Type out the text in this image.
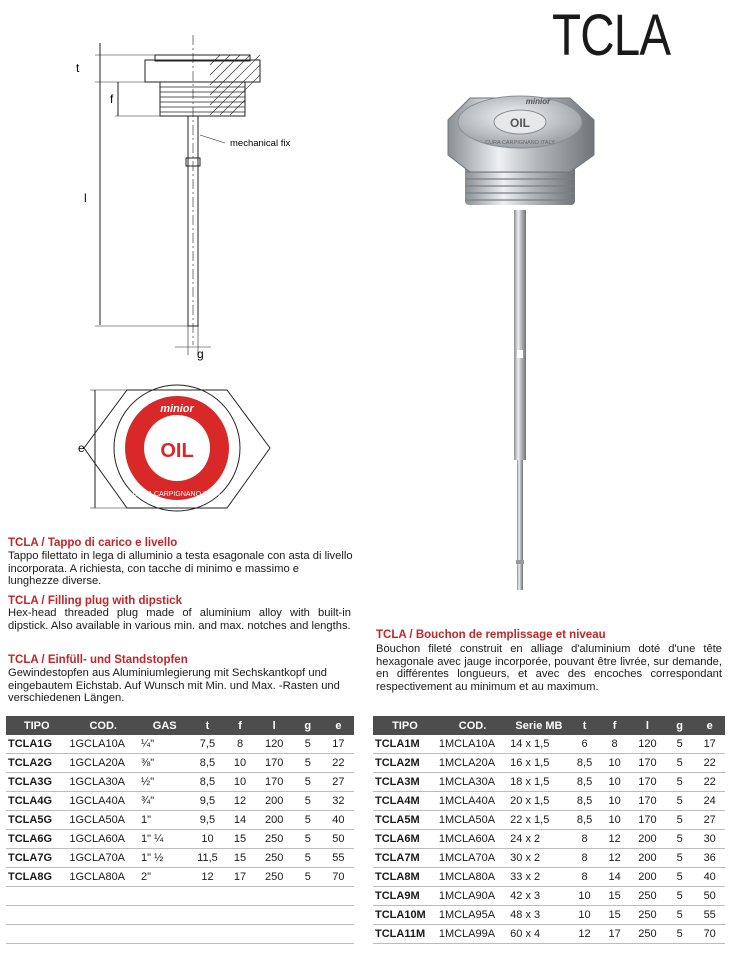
TCLA
t
f
l
g
mechanical fix
OIL
minior
CURA CARPIGNANO ITALY
e
OIL
minior
CURA CARPIGNANO ITALY
TCLA / Tappo di carico e livello
Tappo filettato in lega di alluminio a testa esagonale con asta di livello incorporata. A richiesta, con tacche di minimo e massimo e lunghezze diverse.
TCLA / Filling plug with dipstick
Hex-head threaded plug made of aluminium alloy with built-in dipstick. Also available in various min. and max. notches and lengths.
TCLA / Einfüll- und Standstopfen
Gewindestopfen aus Aluminiumlegierung mit Sechskantkopf und eingebautem Eichstab. Auf Wunsch mit Min. und Max. -Rasten und verschiedenen Längen.
TCLA / Bouchon de remplissage et niveau
Bouchon fileté construit en alliage d'aluminium doté d'une tête hexagonale avec jauge incorporée, pouvant être livrée, sur demande, en différentes longueurs, et avec des encoches correspondant respectivement au minimum et au maximum.
TIPO	COD.	GAS	t	f	l	g	e
TCLA1G	1GCLA10A	¼"	7,5	8	120	5	17
TCLA2G	1GCLA20A	⅜"	8,5	10	170	5	22
TCLA3G	1GCLA30A	½"	8,5	10	170	5	27
TCLA4G	1GCLA40A	¾"	9,5	12	200	5	32
TCLA5G	1GCLA50A	1"	9,5	14	200	5	40
TCLA6G	1GCLA60A	1" ¼	10	15	250	5	50
TCLA7G	1GCLA70A	1" ½	11,5	15	250	5	55
TCLA8G	1GCLA80A	2"	12	17	250	5	70

TIPO	COD.	Serie MB	t	f	l	g	e
TCLA1M	1MCLA10A	14 x 1,5	6	8	120	5	17
TCLA2M	1MCLA20A	16 x 1,5	8,5	10	170	5	22
TCLA3M	1MCLA30A	18 x 1,5	8,5	10	170	5	22
TCLA4M	1MCLA40A	20 x 1,5	8,5	10	170	5	24
TCLA5M	1MCLA50A	22 x 1,5	8,5	10	170	5	27
TCLA6M	1MCLA60A	24 x 2	8	12	200	5	30
TCLA7M	1MCLA70A	30 x 2	8	12	200	5	36
TCLA8M	1MCLA80A	33 x 2	8	14	200	5	40
TCLA9M	1MCLA90A	42 x 3	10	15	250	5	50
TCLA10M	1MCLA95A	48 x 3	10	15	250	5	55
TCLA11M	1MCLA99A	60 x 4	12	17	250	5	70
